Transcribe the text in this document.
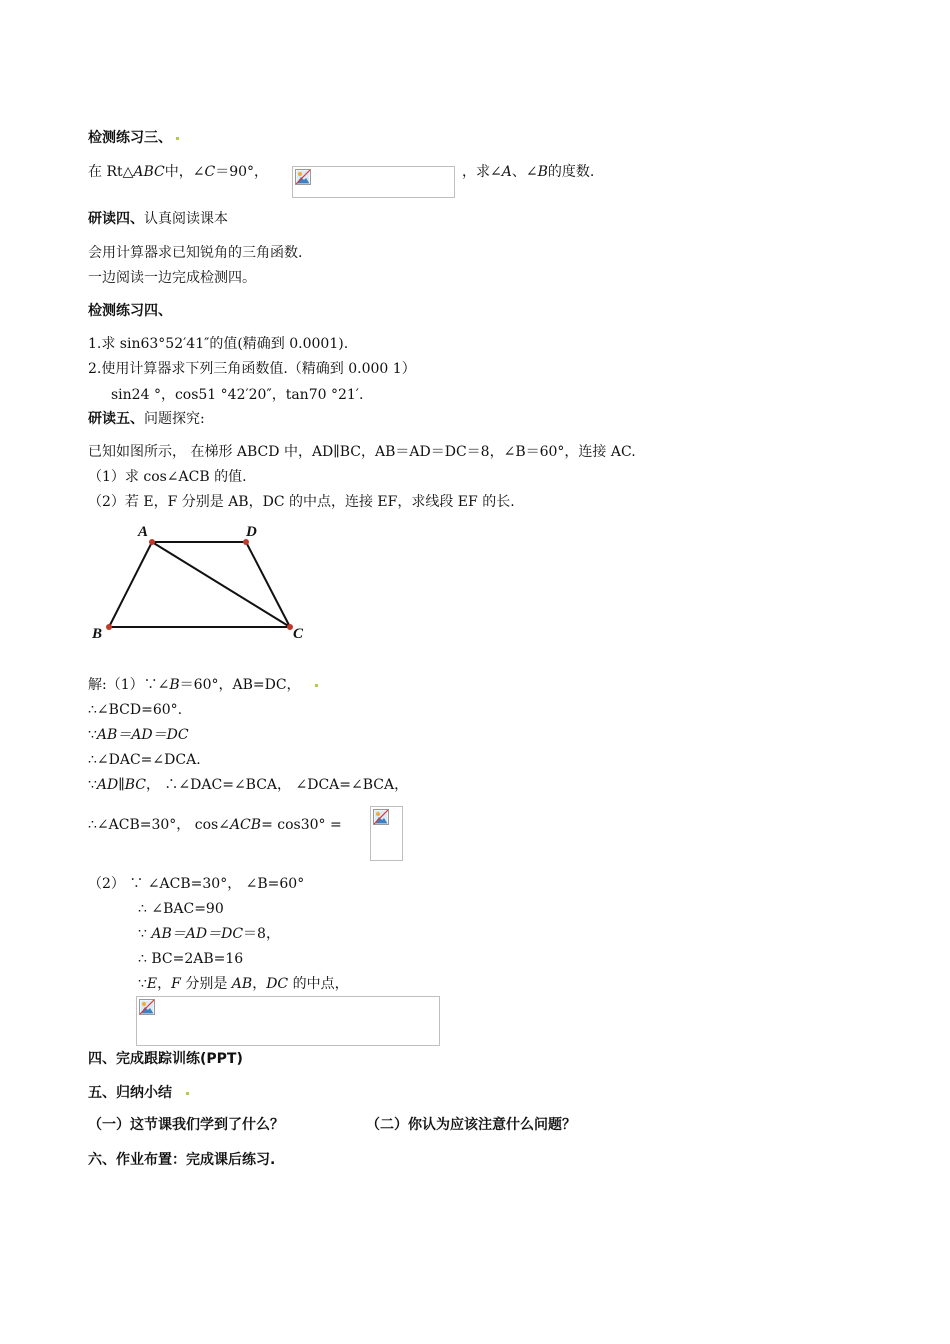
检测练习三、
在 Rt△ABC中，∠C＝90°，	，求∠A、∠B的度数.
研读四、认真阅读课本
会用计算器求已知锐角的三角函数.
一边阅读一边完成检测四。
检测练习四、
1.求 sin63°52′41″的值(精确到 0.0001).
2.使用计算器求下列三角函数值.（精确到 0.000 1）
sin24 °，cos51 °42′20″，tan70 °21′.
研读五、问题探究:
已知如图所示， 在梯形 ABCD 中，AD∥BC，AB＝AD＝DC＝8，∠B＝60°，连接 AC.
（1）求 cos∠ACB 的值.
（2）若 E，F 分别是 AB，DC 的中点，连接 EF，求线段 EF 的长.
A	D
B	C
解:（1）∵∠B＝60°，AB=DC，
∴∠BCD=60°.
∵AB＝AD＝DC
∴∠DAC=∠DCA.
∵AD∥BC， ∴∠DAC=∠BCA， ∠DCA=∠BCA，
∴∠ACB=30°， cos∠ACB= cos30° =
（2） ∵ ∠ACB=30°， ∠B=60°
∴ ∠BAC=90
∵ AB＝AD＝DC＝8，
∴ BC=2AB=16
∵E，F 分别是 AB，DC 的中点，
四、完成跟踪训练(PPT)
五、归纳小结
（一）这节课我们学到了什么？	（二）你认为应该注意什么问题？
六、作业布置：完成课后练习.
